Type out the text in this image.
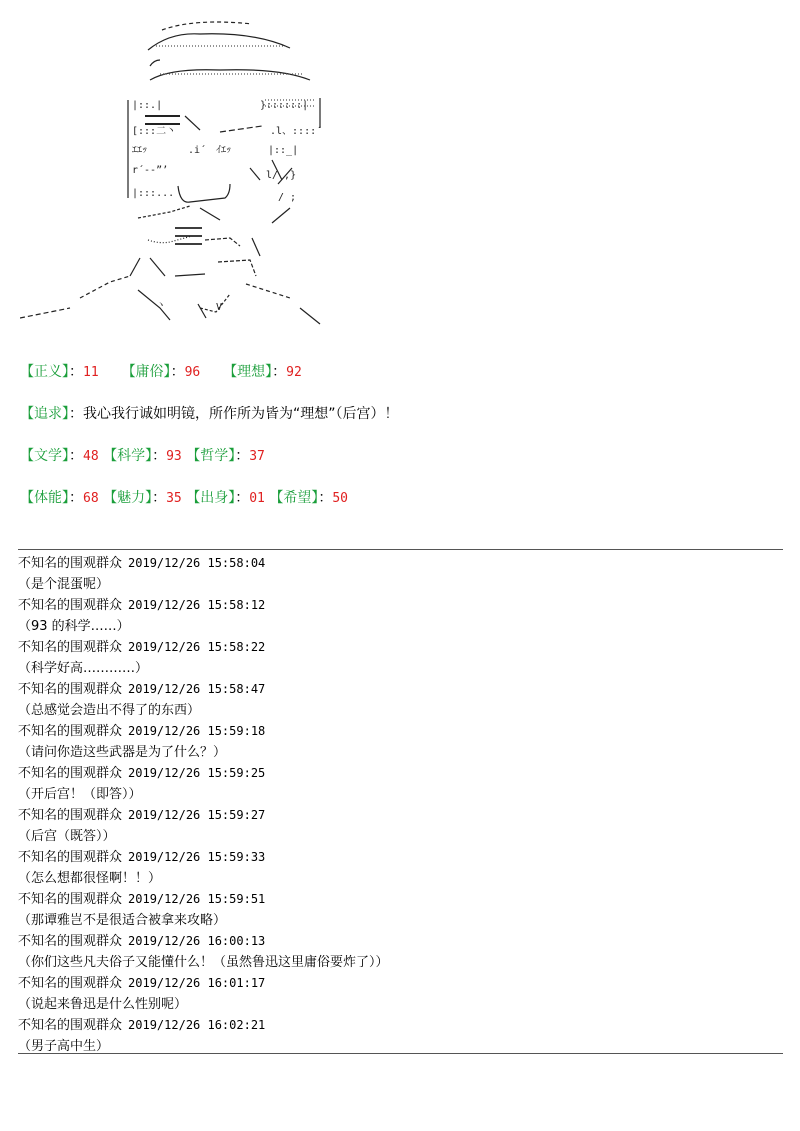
|::.|
ｴｴｯ	.i´ ｲｴｯ	|::_|
r´‐‐”’	l/ ,}
|:::...	/ ;
}::::::|
[:::二丶	.l、::::´
V
ヽ
【正义】：11 【庸俗】：96 【理想】：92
【追求】：我心我行诚如明镜，所作所为皆为“理想”（后宫）！
【文学】：48 【科学】：93 【哲学】：37
【体能】：68 【魅力】：35 【出身】：01 【希望】：50
不知名的围观群众 2019/12/26 15:58:04
（是个混蛋呢）
不知名的围观群众 2019/12/26 15:58:12
（93 的科学……）
不知名的围观群众 2019/12/26 15:58:22
（科学好高…………）
不知名的围观群众 2019/12/26 15:58:47
（总感觉会造出不得了的东西）
不知名的围观群众 2019/12/26 15:59:18
（请问你造这些武器是为了什么？）
不知名的围观群众 2019/12/26 15:59:25
（开后宫！（即答））
不知名的围观群众 2019/12/26 15:59:27
（后宫（既答））
不知名的围观群众 2019/12/26 15:59:33
（怎么想都很怪啊！！）
不知名的围观群众 2019/12/26 15:59:51
（那谭雅岂不是很适合被拿来攻略）
不知名的围观群众 2019/12/26 16:00:13
（你们这些凡夫俗子又能懂什么！（虽然鲁迅这里庸俗要炸了））
不知名的围观群众 2019/12/26 16:01:17
（说起来鲁迅是什么性别呢）
不知名的围观群众 2019/12/26 16:02:21
（男子高中生）
